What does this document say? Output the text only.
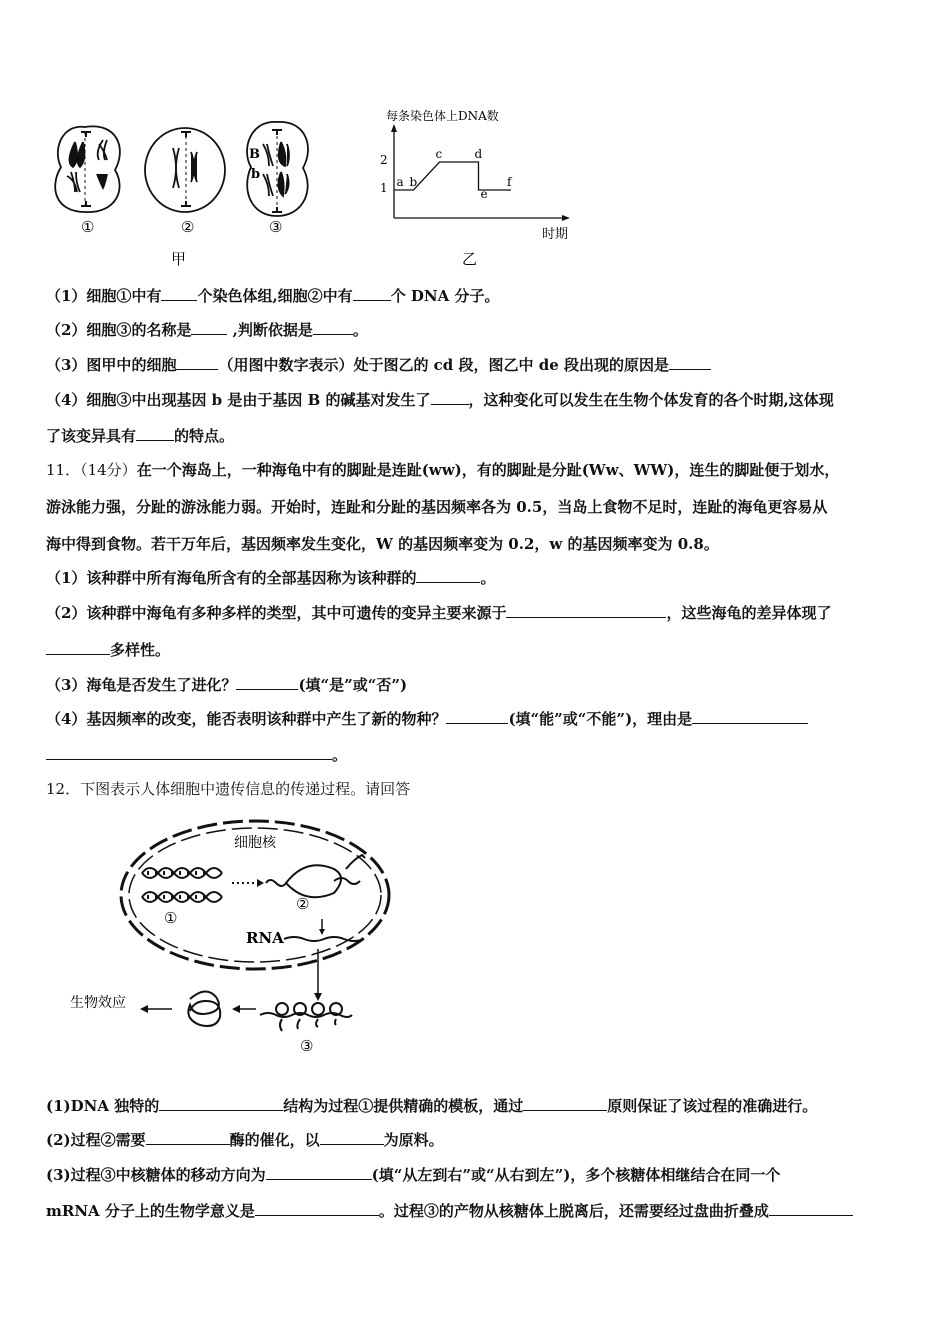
①	②
B
b
③
甲
每条染色体上DNA数
时期
1
2
a b
c	d
e
f
乙
（1）细胞①中有 个染色体组,细胞②中有	个 DNA 分子。
（2）细胞③的名称是 ,判断依据是	。
（3）图甲中的细胞	（用图中数字表示）处于图乙的 cd 段，图乙中 de 段出现的原因是
（4）细胞③中出现基因 b 是由于基因 B 的碱基对发生了	，这种变化可以发生在生物个体发育的各个时期,这体现
了该变异具有	的特点。
11．（14分）在一个海岛上，一种海龟中有的脚趾是连趾(ww)，有的脚趾是分趾(Ww、WW)，连生的脚趾便于划水，
游泳能力强，分趾的游泳能力弱。开始时，连趾和分趾的基因频率各为 0.5，当岛上食物不足时，连趾的海龟更容易从
海中得到食物。若干万年后，基因频率发生变化，W 的基因频率变为 0.2，w 的基因频率变为 0.8。
（1）该种群中所有海龟所含有的全部基因称为该种群的	。
（2）该种群中海龟有多种多样的类型，其中可遗传的变异主要来源于	，这些海龟的差异体现了
多样性。
（3）海龟是否发生了进化？	(填“是”或“否”)
（4）基因频率的改变，能否表明该种群中产生了新的物种？	(填“能”或“不能”)，理由是
。
12．下图表示人体细胞中遗传信息的传递过程。请回答
细胞核
①
②
RNA
③
生物效应
(1)DNA 独特的	结构为过程①提供精确的模板，通过	原则保证了该过程的准确进行。
(2)过程②需要	酶的催化，以	为原料。
(3)过程③中核糖体的移动方向为	(填“从左到右”或“从右到左”)，多个核糖体相继结合在同一个
mRNA 分子上的生物学意义是	。过程③的产物从核糖体上脱离后，还需要经过盘曲折叠成
